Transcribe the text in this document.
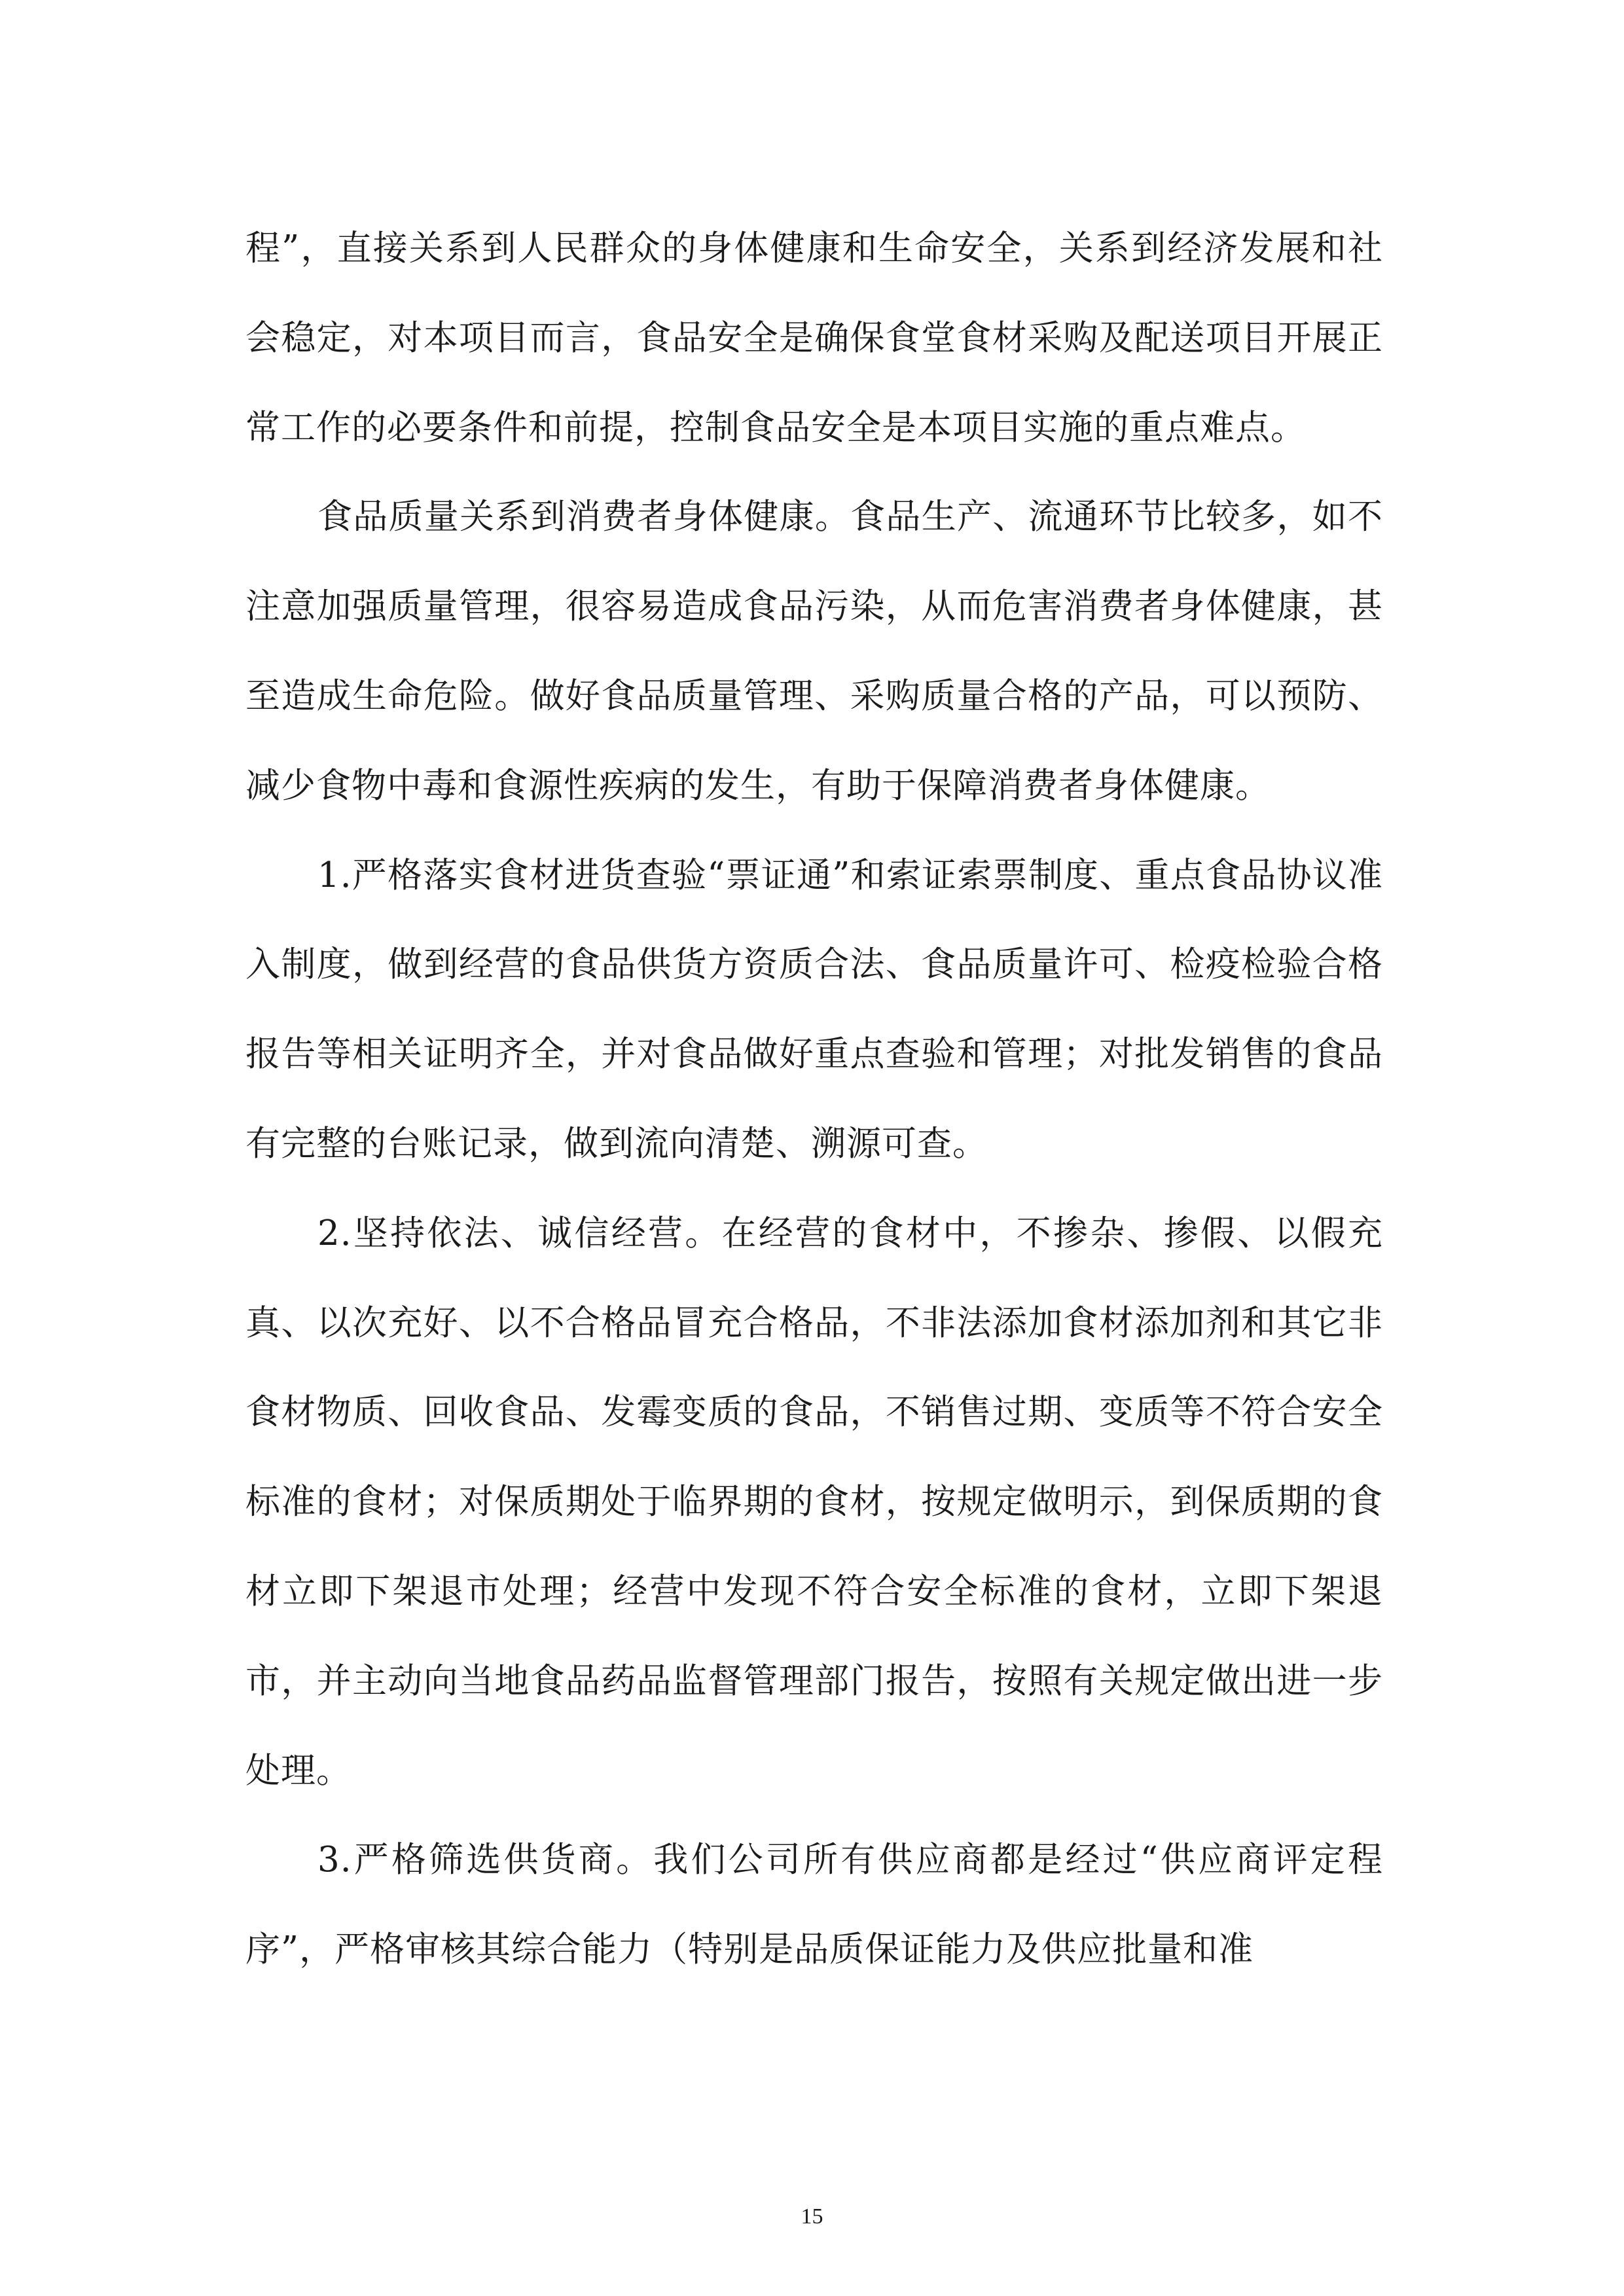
程”，直接关系到人民群众的身体健康和生命安全，关系到经济发展和社会稳定，对本项目而言，食品安全是确保食堂食材采购及配送项目开展正常工作的必要条件和前提，控制食品安全是本项目实施的重点难点。

食品质量关系到消费者身体健康。食品生产、流通环节比较多，如不注意加强质量管理，很容易造成食品污染，从而危害消费者身体健康，甚至造成生命危险。做好食品质量管理、采购质量合格的产品，可以预防、减少食物中毒和食源性疾病的发生，有助于保障消费者身体健康。

1.严格落实食材进货查验“票证通”和索证索票制度、重点食品协议准入制度，做到经营的食品供货方资质合法、食品质量许可、检疫检验合格报告等相关证明齐全，并对食品做好重点查验和管理；对批发销售的食品有完整的台账记录，做到流向清楚、溯源可查。

2.坚持依法、诚信经营。在经营的食材中，不掺杂、掺假、以假充真、以次充好、以不合格品冒充合格品，不非法添加食材添加剂和其它非食材物质、回收食品、发霉变质的食品，不销售过期、变质等不符合安全标准的食材；对保质期处于临界期的食材，按规定做明示，到保质期的食材立即下架退市处理；经营中发现不符合安全标准的食材，立即下架退市，并主动向当地食品药品监督管理部门报告，按照有关规定做出进一步处理。

3.严格筛选供货商。我们公司所有供应商都是经过“供应商评定程序”，严格审核其综合能力（特别是品质保证能力及供应批量和准

15
